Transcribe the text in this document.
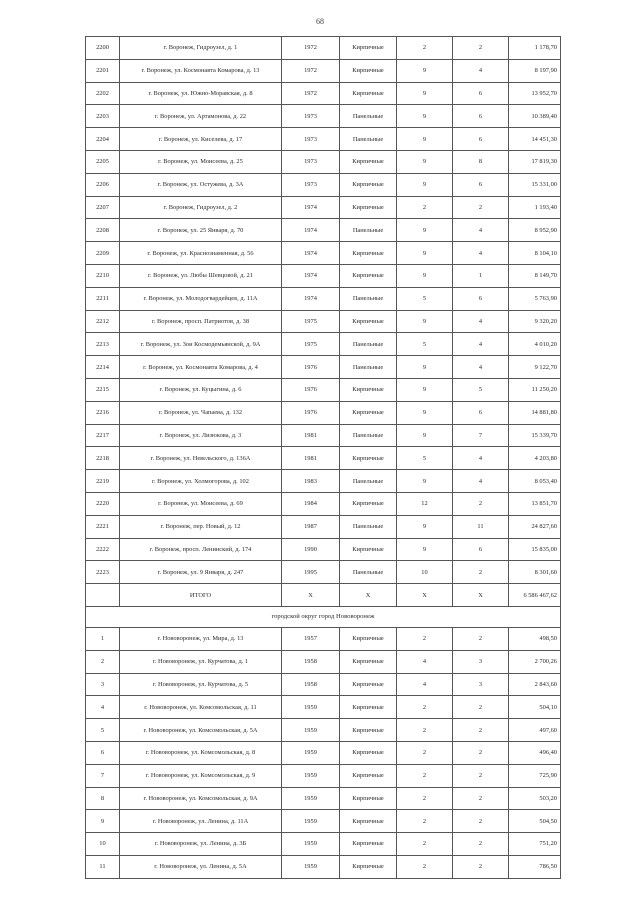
68
2200	г. Воронеж, Гидроузел, д. 1	1972	Кирпичные	2	2	1 178,70
2201	г. Воронеж, ул. Космонавта Комарова, д. 13	1972	Кирпичные	9	4	8 197,90
2202	г. Воронеж, ул. Южно-Моравская, д. 8	1972	Кирпичные	9	6	13 952,70
2203	г. Воронеж, ул. Артамонова, д. 22	1973	Панельные	9	6	10 389,40
2204	г. Воронеж, ул. Киселева, д. 17	1973	Панельные	9	6	14 451,30
2205	г. Воронеж, ул. Моисеева, д. 25	1973	Кирпичные	9	8	17 819,30
2206	г. Воронеж, ул. Остужева, д. 3А	1973	Кирпичные	9	6	15 331,00
2207	г. Воронеж, Гидроузел, д. 2	1974	Кирпичные	2	2	1 193,40
2208	г. Воронеж, ул. 25 Января, д. 70	1974	Панельные	9	4	8 952,90
2209	г. Воронеж, ул. Краснознаменная, д. 56	1974	Кирпичные	9	4	8 104,10
2210	г. Воронеж, ул. Любы Шевцовой, д. 21	1974	Кирпичные	9	1	8 149,70
2211	г. Воронеж, ул. Молодогвардейцев, д. 11А	1974	Панельные	5	6	5 763,90
2212	г. Воронеж, просп. Патриотов, д. 38	1975	Кирпичные	9	4	9 320,20
2213	г. Воронеж, ул. Зои Космодемьянской, д. 9А	1975	Панельные	5	4	4 010,20
2214	г. Воронеж, ул. Космонавта Комарова, д. 4	1976	Панельные	9	4	9 122,70
2215	г. Воронеж, ул. Куцыгина, д. 6	1976	Кирпичные	9	5	11 250,20
2216	г. Воронеж, ул. Чапаева, д. 132	1976	Кирпичные	9	6	14 881,80
2217	г. Воронеж, ул. Лизюкова, д. 3	1981	Панельные	9	7	15 339,70
2218	г. Воронеж, ул. Невельского, д. 136А	1981	Кирпичные	5	4	4 203,80
2219	г. Воронеж, ул. Холмогорова, д. 102	1983	Панельные	9	4	8 053,40
2220	г. Воронеж, ул. Моисеева, д. 69	1984	Кирпичные	12	2	13 851,70
2221	г. Воронеж, пер. Новый, д. 12	1987	Панельные	9	11	24 827,60
2222	г. Воронеж, просп. Ленинский, д. 174	1990	Кирпичные	9	6	15 835,00
2223	г. Воронеж, ул. 9 Января, д. 247	1995	Панельные	10	2	8 301,60
	ИТОГО	X	X	X	X	6 586 467,62
городской округ город Нововоронеж						
1	г. Нововоронеж, ул. Мира, д. 13	1957	Кирпичные	2	2	498,50
2	г. Нововоронеж, ул. Курчатова, д. 1	1958	Кирпичные	4	3	2 700,26
3	г. Нововоронеж, ул. Курчатова, д. 5	1958	Кирпичные	4	3	2 843,60
4	г. Нововоронеж, ул. Комсомольская, д. 11	1959	Кирпичные	2	2	504,10
5	г. Нововоронеж, ул. Комсомольская, д. 5А	1959	Кирпичные	2	2	497,60
6	г. Нововоронеж, ул. Комсомольская, д. 8	1959	Кирпичные	2	2	496,40
7	г. Нововоронеж, ул. Комсомольская, д. 9	1959	Кирпичные	2	2	725,90
8	г. Нововоронеж, ул. Комсомольская, д. 9А	1959	Кирпичные	2	2	503,20
9	г. Нововоронеж, ул. Ленина, д. 11А	1959	Кирпичные	2	2	504,50
10	г. Нововоронеж, ул. Ленина, д. 3Б	1959	Кирпичные	2	2	751,20
11	г. Нововоронеж, ул. Ленина, д. 5А	1959	Кирпичные	2	2	786,50
